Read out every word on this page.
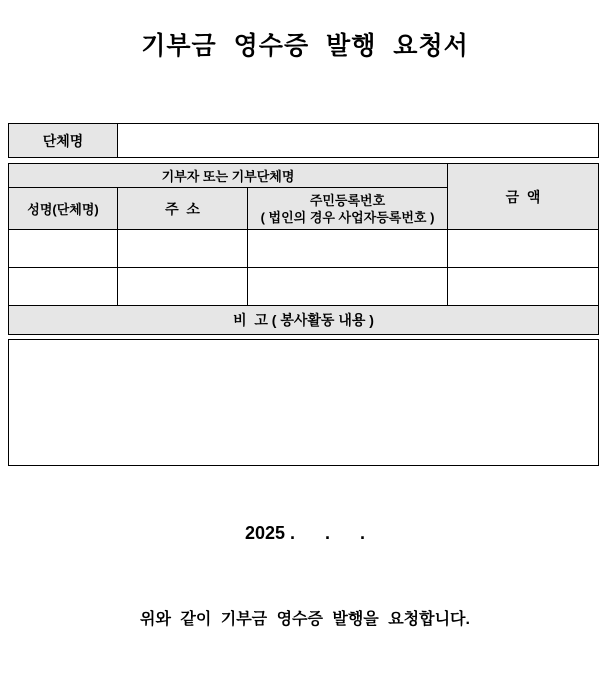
기부금 영수증 발행 요청서
단체명
기부자 또는 기부단체명
금  액
성명(단체명)	주  소
주민등록번호
( 법인의 경우 사업자등록번호 )
비  고 ( 봉사활동 내용 )
2025 .      .      .
위와 같이 기부금 영수증 발행을 요청합니다.
